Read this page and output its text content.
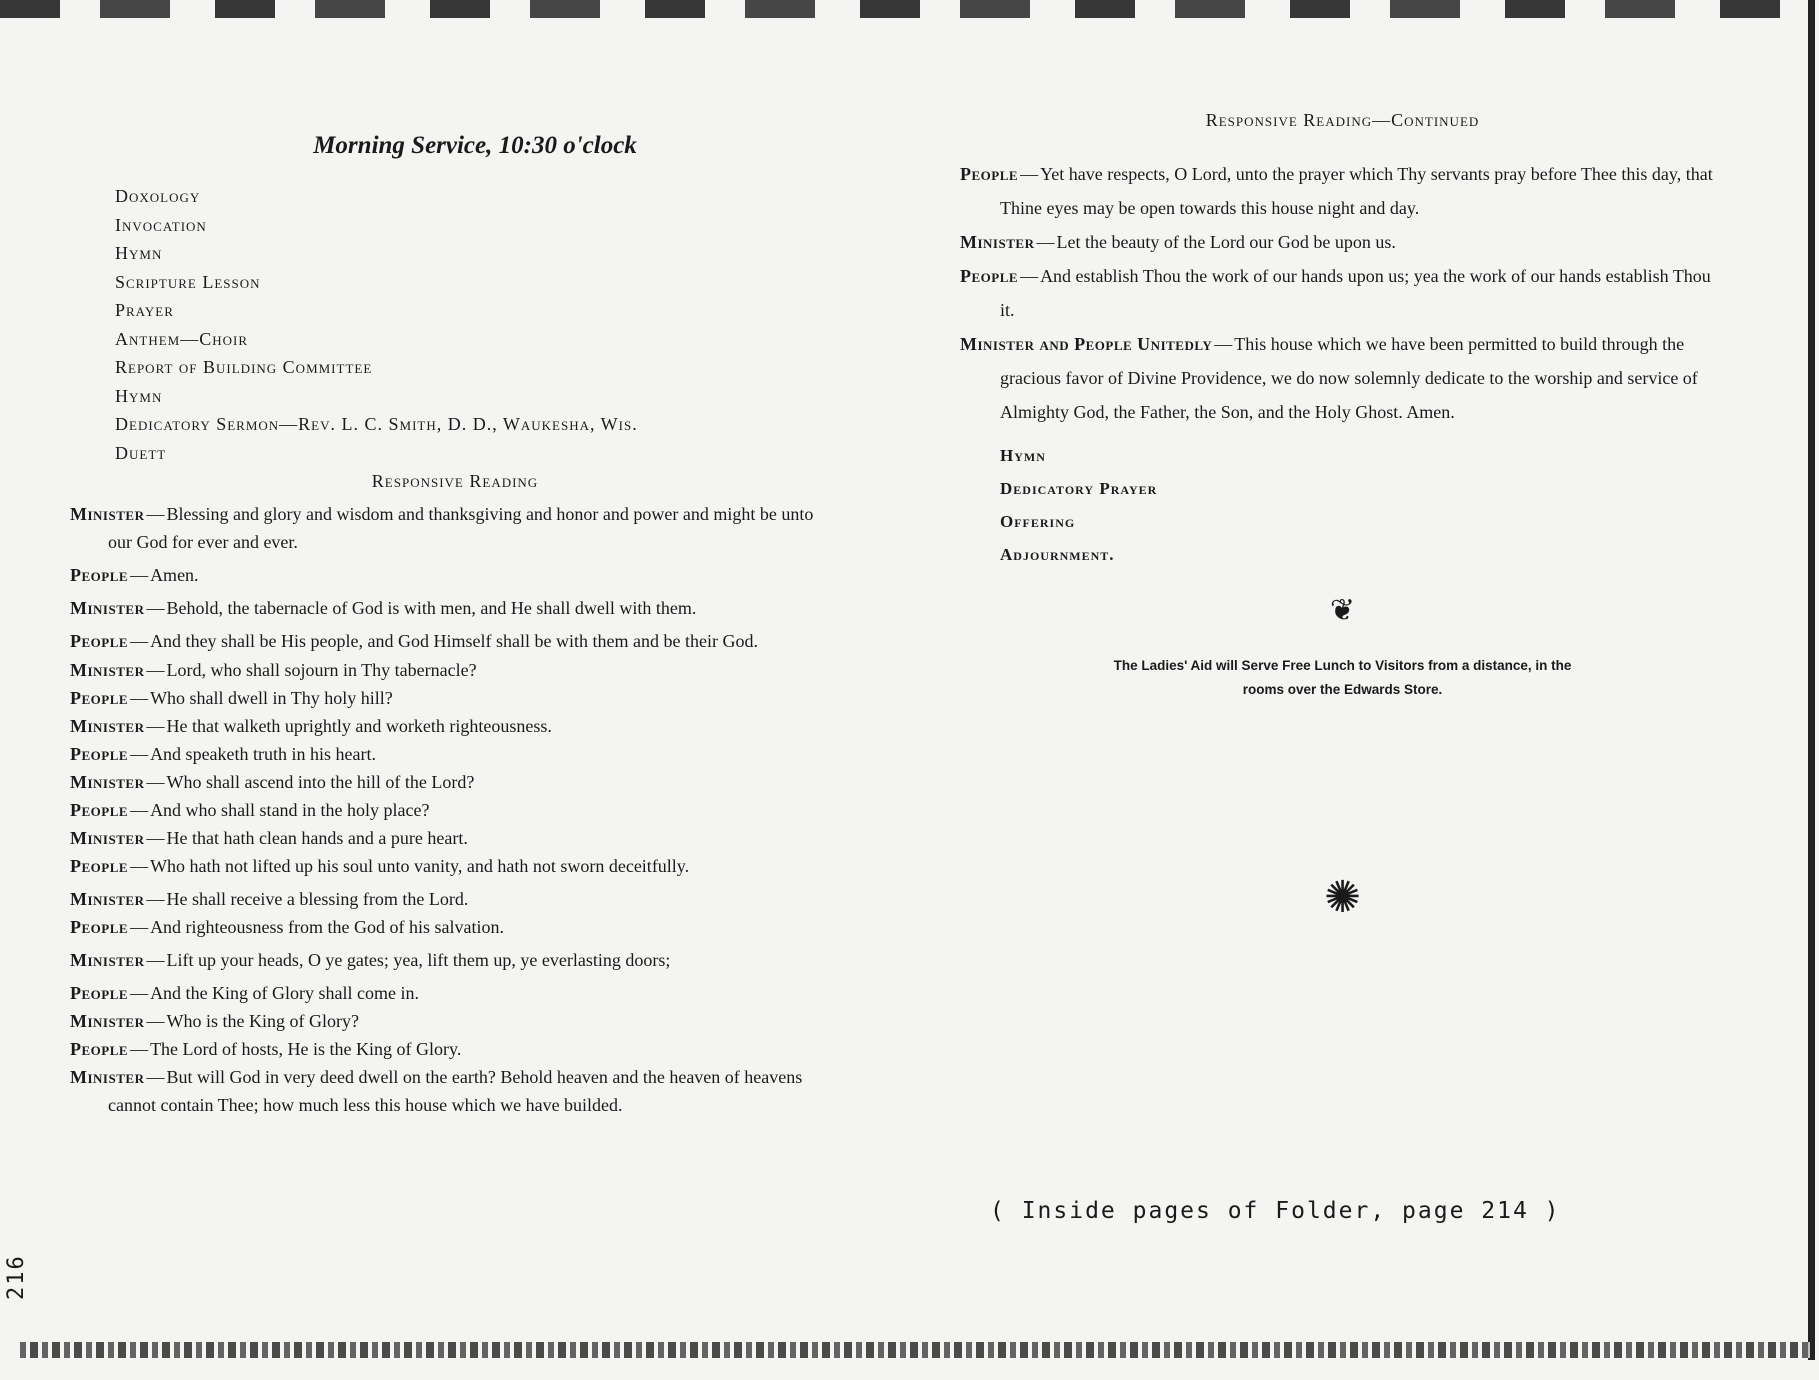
216
Morning Service, 10:30 o'clock
Doxology
Invocation
Hymn
Scripture Lesson
Prayer
Anthem—Choir
Report of Building Committee
Hymn
Dedicatory Sermon—Rev. L. C. Smith, D. D., Waukesha, Wis.
Duett
Responsive Reading

Minister — Blessing and glory and wisdom and thanksgiving and honor and power and might be unto our God for ever and ever.

People — Amen.

Minister — Behold, the tabernacle of God is with men, and He shall dwell with them.

People — And they shall be His people, and God Himself shall be with them and be their God.

Minister — Lord, who shall sojourn in Thy tabernacle?

People — Who shall dwell in Thy holy hill?

Minister — He that walketh uprightly and worketh righteousness.

People — And speaketh truth in his heart.

Minister — Who shall ascend into the hill of the Lord?

People — And who shall stand in the holy place?

Minister — He that hath clean hands and a pure heart.

People — Who hath not lifted up his soul unto vanity, and hath not sworn deceitfully.

Minister — He shall receive a blessing from the Lord.

People — And righteousness from the God of his salvation.

Minister — Lift up your heads, O ye gates; yea, lift them up, ye everlasting doors;

People — And the King of Glory shall come in.

Minister — Who is the King of Glory?

People — The Lord of hosts, He is the King of Glory.

Minister — But will God in very deed dwell on the earth? Behold heaven and the heaven of heavens cannot contain Thee; how much less this house which we have builded.

Responsive Reading—Continued

People — Yet have respects, O Lord, unto the prayer which Thy servants pray before Thee this day, that Thine eyes may be open towards this house night and day.

Minister — Let the beauty of the Lord our God be upon us.

People — And establish Thou the work of our hands upon us; yea the work of our hands establish Thou it.

Minister and People Unitedly — This house which we have been permitted to build through the gracious favor of Divine Providence, we do now solemnly dedicate to the worship and service of Almighty God, the Father, the Son, and the Holy Ghost. Amen.

Hymn
Dedicatory Prayer
Offering
Adjournment.
❦
The Ladies' Aid will Serve Free Lunch to Visitors from a distance, in the
rooms over the Edwards Store.
✺
( Inside pages of Folder, page 214 )
